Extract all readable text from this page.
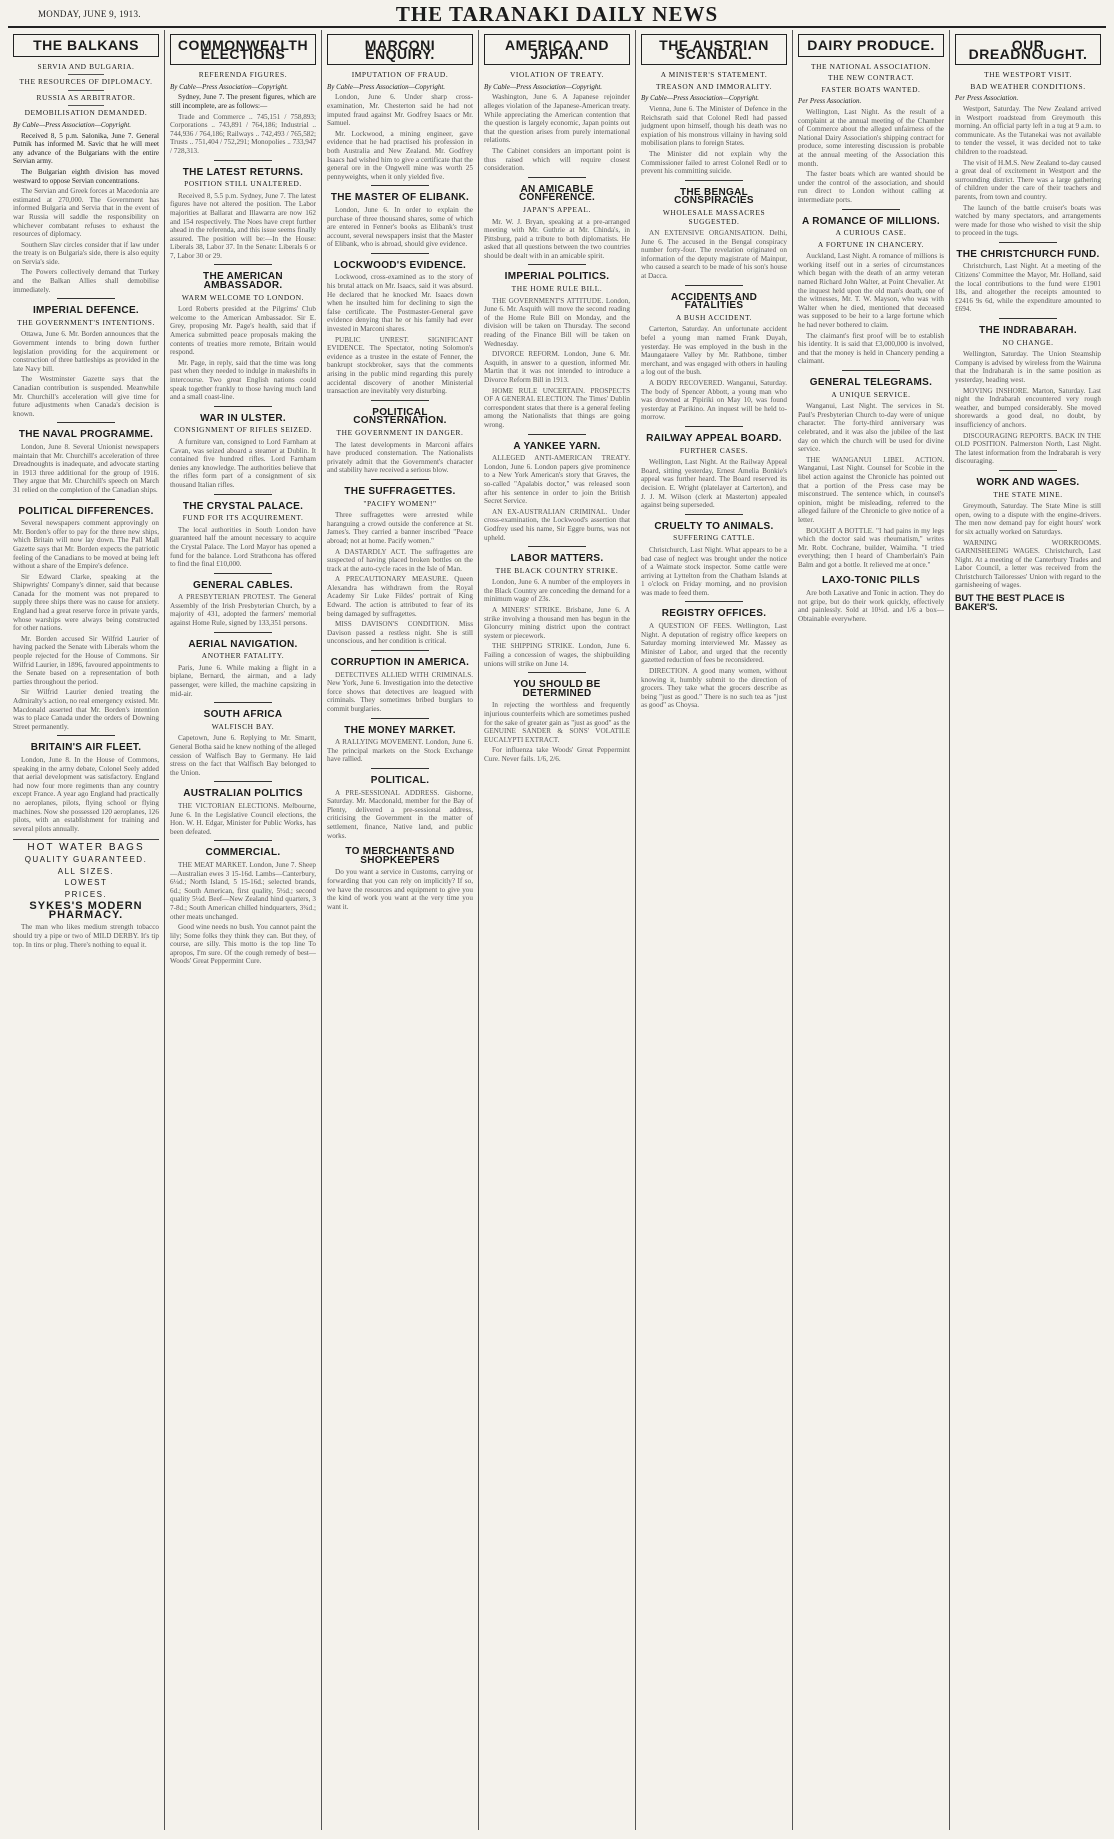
MONDAY, JUNE 9, 1913.	THE TARANAKI DAILY NEWS
THE BALKANS
SERVIA AND BULGARIA.
THE RESOURCES OF DIPLOMACY.
RUSSIA AS ARBITRATOR.
DEMOBILISATION DEMANDED.
By Cable—Press Association—Copyright.

Received 8, 5 p.m. Salonika, June 7. General Putnik has informed M. Savic that he will meet any advance of the Bulgarians with the entire Servian army.

The Bulgarian eighth division has moved westward to oppose Servian concentrations.

The Servian and Greek forces at Macedonia are estimated at 270,000. The Government has informed Bulgaria and Servia that in the event of war Russia will saddle the responsibility on whichever combatant refuses to exhaust the resources of diplomacy.

Southern Slav circles consider that if law under the treaty is on Bulgaria's side, there is also equity on Servia's side.

The Powers collectively demand that Turkey and the Balkan Allies shall demobilise immediately.

IMPERIAL DEFENCE.
THE GOVERNMENT'S INTENTIONS.

Ottawa, June 6. Mr. Borden announces that the Government intends to bring down further legislation providing for the acquirement or construction of three battleships as provided in the late Navy bill.

The Westminster Gazette says that the Canadian contribution is suspended. Meanwhile Mr. Churchill's acceleration will give time for future adjustments when Canada's decision is known.

THE NAVAL PROGRAMME.

London, June 8. Several Unionist newspapers maintain that Mr. Churchill's acceleration of three Dreadnoughts is inadequate, and advocate starting in 1913 three additional for the group of 1916. They argue that Mr. Churchill's speech on March 31 relied on the completion of the Canadian ships.

POLITICAL DIFFERENCES.

Several newspapers comment approvingly on Mr. Borden's offer to pay for the three new ships, which Britain will now lay down. The Pall Mall Gazette says that Mr. Borden expects the patriotic feeling of the Canadians to be moved at being left without a share of the Empire's defence.

Sir Edward Clarke, speaking at the Shipwrights' Company's dinner, said that because Canada for the moment was not prepared to supply three ships there was no cause for anxiety. England had a great reserve force in private yards, whose warships were always being constructed for other nations.

Mr. Borden accused Sir Wilfrid Laurier of having packed the Senate with Liberals whom the people rejected for the House of Commons. Sir Wilfrid Laurier, in 1896, favoured appointments to the Senate based on a representation of both parties throughout the period.

Sir Wilfrid Laurier denied treating the Admiralty's action, no real emergency existed. Mr. Macdonald asserted that Mr. Borden's intention was to place Canada under the orders of Downing Street permanently.

BRITAIN'S AIR FLEET.

London, June 8. In the House of Commons, speaking in the army debate, Colonel Seely added that aerial development was satisfactory. England had now four more regiments than any country except France. A year ago England had practically no aeroplanes, pilots, flying school or flying machines. Now she possessed 120 aeroplanes, 126 pilots, with an establishment for training and several pilots annually.

HOT WATER BAGS
QUALITY GUARANTEED.
ALL SIZES.
LOWEST
PRICES.
SYKES'S MODERN PHARMACY.

The man who likes medium strength tobacco should try a pipe or two of MILD DERBY. It's tip top. In tins or plug. There's nothing to equal it.

COMMONWEALTH ELECTIONS
REFERENDA FIGURES.
By Cable—Press Association—Copyright.

Sydney, June 7. The present figures, which are still incomplete, are as follows:—

Trade and Commerce .. 745,151 / 758,893; Corporations .. 743,891 / 764,186; Industrial .. 744,936 / 764,186; Railways .. 742,493 / 765,582; Trusts .. 751,404 / 752,291; Monopolies .. 733,947 / 728,313.

THE LATEST RETURNS.
POSITION STILL UNALTERED.

Received 8, 5.5 p.m. Sydney, June 7. The latest figures have not altered the position. The Labor majorities at Ballarat and Illawarra are now 162 and 154 respectively. The Noes have crept further ahead in the referenda, and this issue seems finally assured. The position will be:—In the House: Liberals 38, Labor 37. In the Senate: Liberals 6 or 7, Labor 30 or 29.

THE AMERICAN AMBASSADOR.
WARM WELCOME TO LONDON.

Lord Roberts presided at the Pilgrims' Club welcome to the American Ambassador. Sir E. Grey, proposing Mr. Page's health, said that if America submitted peace proposals making the contents of treaties more remote, Britain would respond.

Mr. Page, in reply, said that the time was long past when they needed to indulge in makeshifts in intercourse. Two great English nations could speak together frankly to those having much land and a small coast-line.

WAR IN ULSTER.
CONSIGNMENT OF RIFLES SEIZED.

A furniture van, consigned to Lord Farnham at Cavan, was seized aboard a steamer at Dublin. It contained five hundred rifles. Lord Farnham denies any knowledge. The authorities believe that the rifles form part of a consignment of six thousand Italian rifles.

THE CRYSTAL PALACE.
FUND FOR ITS ACQUIREMENT.

The local authorities in South London have guaranteed half the amount necessary to acquire the Crystal Palace. The Lord Mayor has opened a fund for the balance. Lord Strathcona has offered to find the final £10,000.

GENERAL CABLES.

A PRESBYTERIAN PROTEST. The General Assembly of the Irish Presbyterian Church, by a majority of 431, adopted the farmers' memorial against Home Rule, signed by 133,351 persons.

AERIAL NAVIGATION.
ANOTHER FATALITY.

Paris, June 6. While making a flight in a biplane, Bernard, the airman, and a lady passenger, were killed, the machine capsizing in mid-air.

SOUTH AFRICA
WALFISCH BAY.

Capetown, June 6. Replying to Mr. Smartt, General Botha said he knew nothing of the alleged cession of Walfisch Bay to Germany. He laid stress on the fact that Walfisch Bay belonged to the Union.

AUSTRALIAN POLITICS

THE VICTORIAN ELECTIONS. Melbourne, June 6. In the Legislative Council elections, the Hon. W. H. Edgar, Minister for Public Works, has been defeated.

COMMERCIAL.

THE MEAT MARKET. London, June 7. Sheep—Australian ewes 3 15-16d. Lambs—Canterbury, 6¼d.; North Island, 5 15-16d.; selected brands, 6d.; South American, first quality, 5½d.; second quality 5¼d. Beef—New Zealand hind quarters, 3 7-8d.; South American chilled hindquarters, 3¾d.; other meats unchanged.

Good wine needs no bush. You cannot paint the lily; Some folks they think they can. But they, of course, are silly. This motto is the top line To apropos, I'm sure. Of the cough remedy of best— Woods' Great Peppermint Cure.

MARCONI ENQUIRY.
IMPUTATION OF FRAUD.
By Cable—Press Association—Copyright.

London, June 6. Under sharp cross-examination, Mr. Chesterton said he had not imputed fraud against Mr. Godfrey Isaacs or Mr. Samuel.

Mr. Lockwood, a mining engineer, gave evidence that he had practised his profession in both Australia and New Zealand. Mr. Godfrey Isaacs had wished him to give a certificate that the general ore in the Ongwell mine was worth 25 pennyweights, when it only yielded five.

THE MASTER OF ELIBANK.

London, June 6. In order to explain the purchase of three thousand shares, some of which are entered in Fenner's books as Elibank's trust account, several newspapers insist that the Master of Elibank, who is abroad, should give evidence.

LOCKWOOD'S EVIDENCE.

Lockwood, cross-examined as to the story of his brutal attack on Mr. Isaacs, said it was absurd. He declared that he knocked Mr. Isaacs down when he insulted him for declining to sign the false certificate. The Postmaster-General gave evidence denying that he or his family had ever invested in Marconi shares.

PUBLIC UNREST. SIGNIFICANT EVIDENCE. The Spectator, noting Solomon's evidence as a trustee in the estate of Fenner, the bankrupt stockbroker, says that the comments arising in the public mind regarding this purely accidental discovery of another Ministerial transaction are inevitably very disturbing.

POLITICAL CONSTERNATION.
THE GOVERNMENT IN DANGER.

The latest developments in Marconi affairs have produced consternation. The Nationalists privately admit that the Government's character and stability have received a serious blow.

THE SUFFRAGETTES.
"PACIFY WOMEN!"

Three suffragettes were arrested while haranguing a crowd outside the conference at St. James's. They carried a banner inscribed "Peace abroad; not at home. Pacify women."

A DASTARDLY ACT. The suffragettes are suspected of having placed broken bottles on the track at the auto-cycle races in the Isle of Man.

A PRECAUTIONARY MEASURE. Queen Alexandra has withdrawn from the Royal Academy Sir Luke Fildes' portrait of King Edward. The action is attributed to fear of its being damaged by suffragettes.

MISS DAVISON'S CONDITION. Miss Davison passed a restless night. She is still unconscious, and her condition is critical.

CORRUPTION IN AMERICA.

DETECTIVES ALLIED WITH CRIMINALS. New York, June 6. Investigation into the detective force shows that detectives are leagued with criminals. They sometimes bribed burglars to commit burglaries.

THE MONEY MARKET.

A RALLYING MOVEMENT. London, June 6. The principal markets on the Stock Exchange have rallied.

POLITICAL.

A PRE-SESSIONAL ADDRESS. Gisborne, Saturday. Mr. Macdonald, member for the Bay of Plenty, delivered a pre-sessional address, criticising the Government in the matter of settlement, finance, Native land, and public works.

TO MERCHANTS AND SHOPKEEPERS

Do you want a service in Customs, carrying or forwarding that you can rely on implicitly? If so, we have the resources and equipment to give you the kind of work you want at the very time you want it.

AMERICA AND JAPAN.
VIOLATION OF TREATY.
By Cable—Press Association—Copyright.

Washington, June 6. A Japanese rejoinder alleges violation of the Japanese-American treaty. While appreciating the American contention that the question is largely economic, Japan points out that the question arises from purely international relations.

The Cabinet considers an important point is thus raised which will require closest consideration.

AN AMICABLE CONFERENCE.
JAPAN'S APPEAL.

Mr. W. J. Bryan, speaking at a pre-arranged meeting with Mr. Guthrie at Mr. Chinda's, in Pittsburg, paid a tribute to both diplomatists. He asked that all questions between the two countries should be dealt with in an amicable spirit.

IMPERIAL POLITICS.
THE HOME RULE BILL.

THE GOVERNMENT'S ATTITUDE. London, June 6. Mr. Asquith will move the second reading of the Home Rule Bill on Monday, and the division will be taken on Thursday. The second reading of the Finance Bill will be taken on Wednesday.

DIVORCE REFORM. London, June 6. Mr. Asquith, in answer to a question, informed Mr. Martin that it was not intended to introduce a Divorce Reform Bill in 1913.

HOME RULE UNCERTAIN. PROSPECTS OF A GENERAL ELECTION. The Times' Dublin correspondent states that there is a general feeling among the Nationalists that things are going wrong.

A YANKEE YARN.

ALLEGED ANTI-AMERICAN TREATY. London, June 6. London papers give prominence to a New York American's story that Graves, the so-called "Apalabis doctor," was released soon after his sentence in order to join the British Secret Service.

AN EX-AUSTRALIAN CRIMINAL. Under cross-examination, the Lockwood's assertion that Godfrey used his name, Sir Eggre burns, was not upheld.

LABOR MATTERS.
THE BLACK COUNTRY STRIKE.

London, June 6. A number of the employers in the Black Country are conceding the demand for a minimum wage of 23s.

A MINERS' STRIKE. Brisbane, June 6. A strike involving a thousand men has begun in the Gloncurry mining district upon the contract system or piecework.

THE SHIPPING STRIKE. London, June 6. Failing a concession of wages, the shipbuilding unions will strike on June 14.

YOU SHOULD BE DETERMINED

In rejecting the worthless and frequently injurious counterfeits which are sometimes pushed for the sake of greater gain as "just as good" as the GENUINE SANDER & SONS' VOLATILE EUCALYPTI EXTRACT.

For influenza take Woods' Great Peppermint Cure. Never fails. 1/6, 2/6.

THE AUSTRIAN SCANDAL.
A MINISTER'S STATEMENT.
TREASON AND IMMORALITY.
By Cable—Press Association—Copyright.

Vienna, June 6. The Minister of Defence in the Reichsrath said that Colonel Redl had passed judgment upon himself, though his death was no expiation of his monstrous villainy in having sold mobilisation plans to foreign States.

The Minister did not explain why the Commissioner failed to arrest Colonel Redl or to prevent his committing suicide.

THE BENGAL CONSPIRACIES
WHOLESALE MASSACRES SUGGESTED.

AN EXTENSIVE ORGANISATION. Delhi, June 6. The accused in the Bengal conspiracy number forty-four. The revelation originated on information of the deputy magistrate of Mainpur, who caused a search to be made of his son's house at Dacca.

ACCIDENTS AND FATALITIES
A BUSH ACCIDENT.

Carterton, Saturday. An unfortunate accident befel a young man named Frank Duyah, yesterday. He was employed in the bush in the Maungataere Valley by Mr. Rathbone, timber merchant, and was engaged with others in hauling a log out of the bush.

A BODY RECOVERED. Wanganui, Saturday. The body of Spencer Abbott, a young man who was drowned at Pipiriki on May 10, was found yesterday at Parikino. An inquest will be held to-morrow.

RAILWAY APPEAL BOARD.
FURTHER CASES.

Wellington, Last Night. At the Railway Appeal Board, sitting yesterday, Ernest Amelia Bonkie's appeal was further heard. The Board reserved its decision. E. Wright (platelayer at Carterton), and J. J. M. Wilson (clerk at Masterton) appealed against being superseded.

CRUELTY TO ANIMALS.
SUFFERING CATTLE.

Christchurch, Last Night. What appears to be a bad case of neglect was brought under the notice of a Waimate stock inspector. Some cattle were arriving at Lyttelton from the Chatham Islands at 1 o'clock on Friday morning, and no provision was made to feed them.

REGISTRY OFFICES.

A QUESTION OF FEES. Wellington, Last Night. A deputation of registry office keepers on Saturday morning interviewed Mr. Massey as Minister of Labor, and urged that the recently gazetted reduction of fees be reconsidered.

DIRECTION. A good many women, without knowing it, humbly submit to the direction of grocers. They take what the grocers describe as being "just as good." There is no such tea as "just as good" as Choysa.

DAIRY PRODUCE.
THE NATIONAL ASSOCIATION.
THE NEW CONTRACT.
FASTER BOATS WANTED.
Per Press Association.

Wellington, Last Night. As the result of a complaint at the annual meeting of the Chamber of Commerce about the alleged unfairness of the National Dairy Association's shipping contract for produce, some interesting discussion is probable at the annual meeting of the Association this month.

The faster boats which are wanted should be under the control of the association, and should run direct to London without calling at intermediate ports.

A ROMANCE OF MILLIONS.
A CURIOUS CASE.
A FORTUNE IN CHANCERY.

Auckland, Last Night. A romance of millions is working itself out in a series of circumstances which began with the death of an army veteran named Richard John Walter, at Point Chevalier. At the inquest held upon the old man's death, one of the witnesses, Mr. T. W. Mayson, who was with Walter when he died, mentioned that deceased was supposed to be heir to a large fortune which he had never bothered to claim.

The claimant's first proof will be to establish his identity. It is said that £3,000,000 is involved, and that the money is held in Chancery pending a claimant.

GENERAL TELEGRAMS.
A UNIQUE SERVICE.

Wanganui, Last Night. The services in St. Paul's Presbyterian Church to-day were of unique character. The forty-third anniversary was celebrated, and it was also the jubilee of the last day on which the church will be used for divine service.

THE WANGANUI LIBEL ACTION. Wanganui, Last Night. Counsel for Scobie in the libel action against the Chronicle has pointed out that a portion of the Press case may be misconstrued. The sentence which, in counsel's opinion, might be misleading, referred to the alleged failure of the Chronicle to give notice of a letter.

BOUGHT A BOTTLE. "I had pains in my legs which the doctor said was rheumatism," writes Mr. Robt. Cochrane, builder, Waimiha. "I tried everything; then I heard of Chamberlain's Pain Balm and got a bottle. It relieved me at once."

LAXO-TONIC PILLS

Are both Laxative and Tonic in action. They do not gripe, but do their work quickly, effectively and painlessly. Sold at 10½d. and 1/6 a box—Obtainable everywhere.

OUR DREADNOUGHT.
THE WESTPORT VISIT.
BAD WEATHER CONDITIONS.
Per Press Association.

Westport, Saturday. The New Zealand arrived in Westport roadstead from Greymouth this morning. An official party left in a tug at 9 a.m. to communicate. As the Tutanekai was not available to tender the vessel, it was decided not to take children to the roadstead.

The visit of H.M.S. New Zealand to-day caused a great deal of excitement in Westport and the surrounding district. There was a large gathering of children under the care of their teachers and parents, from town and country.

The launch of the battle cruiser's boats was watched by many spectators, and arrangements were made for those who wished to visit the ship to proceed in the tugs.

THE CHRISTCHURCH FUND.

Christchurch, Last Night. At a meeting of the Citizens' Committee the Mayor, Mr. Holland, said the local contributions to the fund were £1901 18s, and altogether the receipts amounted to £2416 9s 6d, while the expenditure amounted to £694.

THE INDRABARAH.
NO CHANGE.

Wellington, Saturday. The Union Steamship Company is advised by wireless from the Wairuna that the Indrabarah is in the same position as yesterday, heading west.

MOVING INSHORE. Marton, Saturday. Last night the Indrabarah encountered very rough weather, and bumped considerably. She moved shorewards a good deal, no doubt, by insufficiency of anchors.

DISCOURAGING REPORTS. BACK IN THE OLD POSITION. Palmerston North, Last Night. The latest information from the Indrabarah is very discouraging.

WORK AND WAGES.
THE STATE MINE.

Greymouth, Saturday. The State Mine is still open, owing to a dispute with the engine-drivers. The men now demand pay for eight hours' work for six actually worked on Saturdays.

WARNING WORKROOMS. GARNISHEEING WAGES. Christchurch, Last Night. At a meeting of the Canterbury Trades and Labor Council, a letter was received from the Christchurch Tailoresses' Union with regard to the garnisheeing of wages.

BUT THE BEST PLACE IS BAKER'S.
